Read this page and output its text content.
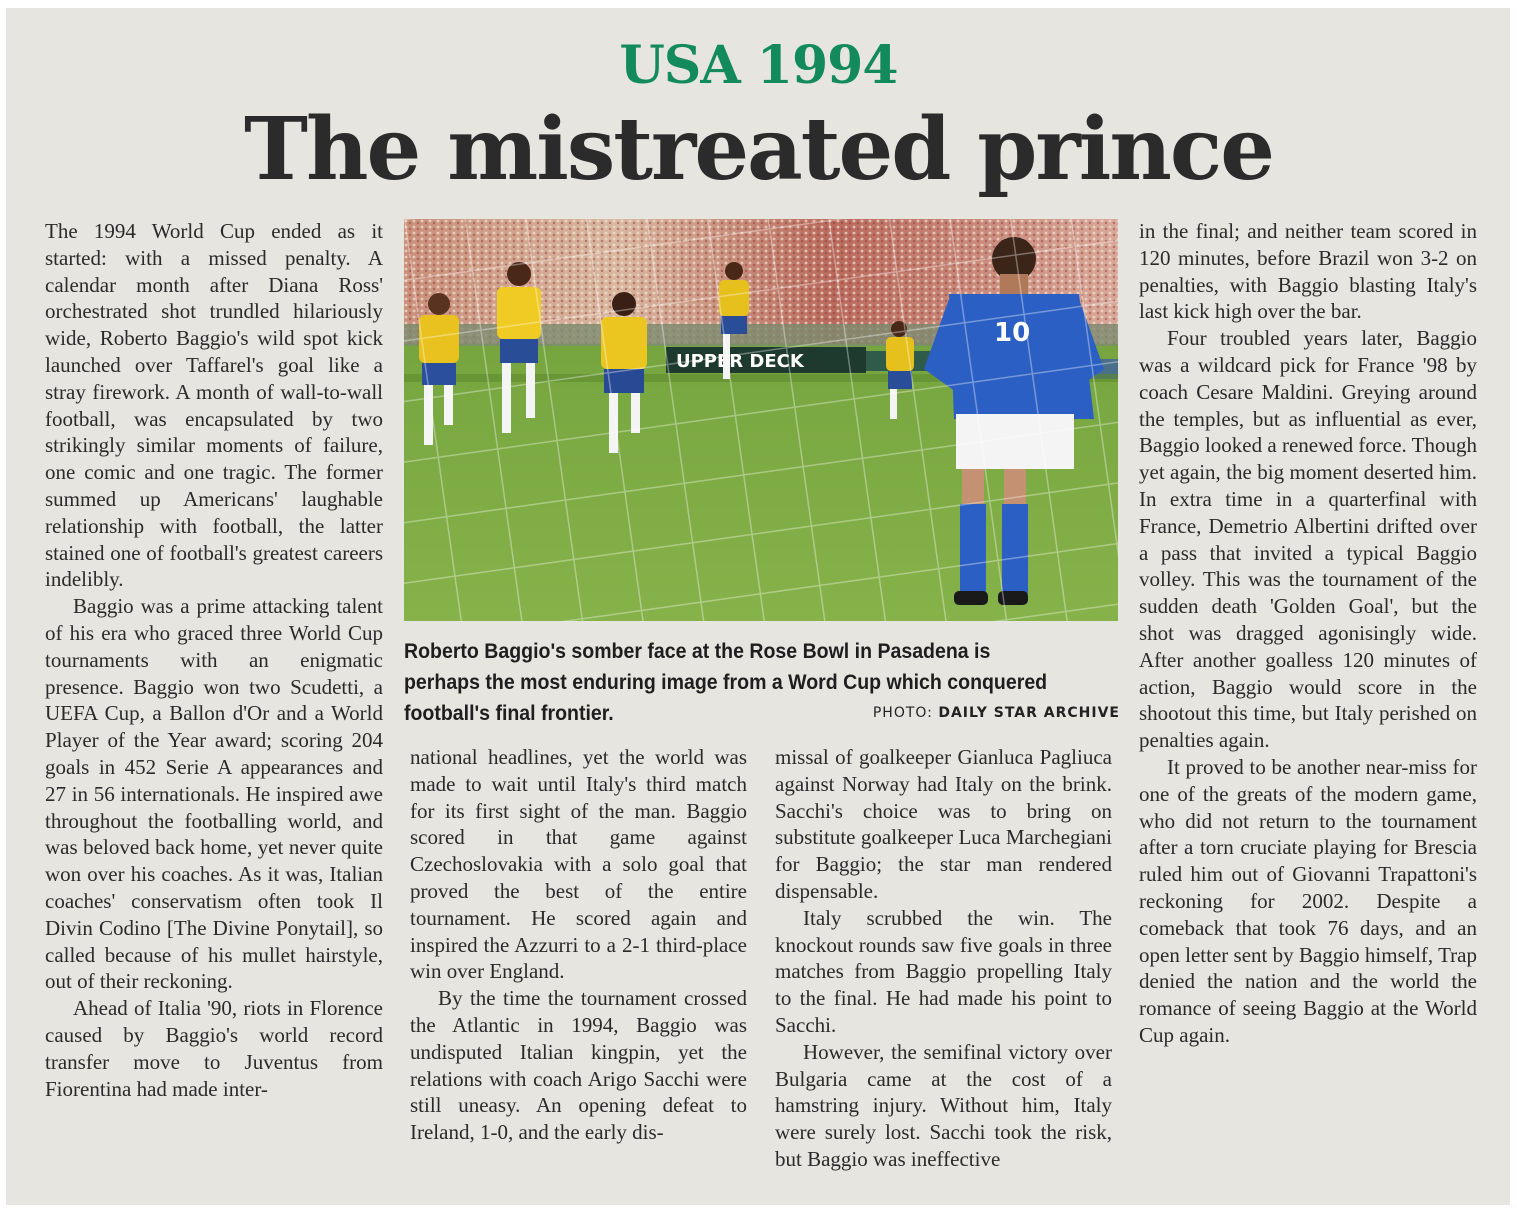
USA 1994
The mistreated prince

The 1994 World Cup ended as it started: with a missed penalty. A calendar month after Diana Ross' orchestrated shot trundled hilariously wide, Roberto Baggio's wild spot kick launched over Taffarel's goal like a stray firework. A month of wall-to-wall football, was encapsulated by two strikingly similar moments of failure, one comic and one tragic. The former summed up Americans' laughable relationship with football, the latter stained one of football's greatest careers indelibly.

Baggio was a prime attacking talent of his era who graced three World Cup tournaments with an enigmatic presence. Baggio won two Scudetti, a UEFA Cup, a Ballon d'Or and a World Player of the Year award; scoring 204 goals in 452 Serie A appearances and 27 in 56 internationals. He inspired awe throughout the footballing world, and was beloved back home, yet never quite won over his coaches. As it was, Italian coaches' conservatism often took Il Divin Codino [The Divine Ponytail], so called because of his mullet hairstyle, out of their reckoning.

Ahead of Italia '90, riots in Florence caused by Baggio's world record transfer move to Juventus from Fiorentina had made inter-

Roberto Baggio's somber face at the Rose Bowl in Pasadena is perhaps the most enduring image from a Word Cup which conquered football's final frontier.	PHOTO: DAILY STAR ARCHIVE

national headlines, yet the world was made to wait until Italy's third match for its first sight of the man. Baggio scored in that game against Czechoslovakia with a solo goal that proved the best of the entire tournament. He scored again and inspired the Azzurri to a 2-1 third-place win over England.

By the time the tournament crossed the Atlantic in 1994, Baggio was undisputed Italian kingpin, yet the relations with coach Arigo Sacchi were still uneasy. An opening defeat to Ireland, 1-0, and the early dis-

missal of goalkeeper Gianluca Pagliuca against Norway had Italy on the brink. Sacchi's choice was to bring on substitute goalkeeper Luca Marchegiani for Baggio; the star man rendered dispensable.

Italy scrubbed the win. The knockout rounds saw five goals in three matches from Baggio propelling Italy to the final. He had made his point to Sacchi.

However, the semifinal victory over Bulgaria came at the cost of a hamstring injury. Without him, Italy were surely lost. Sacchi took the risk, but Baggio was ineffective

in the final; and neither team scored in 120 minutes, before Brazil won 3-2 on penalties, with Baggio blasting Italy's last kick high over the bar.

Four troubled years later, Baggio was a wildcard pick for France '98 by coach Cesare Maldini. Greying around the temples, but as influential as ever, Baggio looked a renewed force. Though yet again, the big moment deserted him. In extra time in a quarterfinal with France, Demetrio Albertini drifted over a pass that invited a typical Baggio volley. This was the tournament of the sudden death 'Golden Goal', but the shot was dragged agonisingly wide. After another goalless 120 minutes of action, Baggio would score in the shootout this time, but Italy perished on penalties again.

It proved to be another near-miss for one of the greats of the modern game, who did not return to the tournament after a torn cruciate playing for Brescia ruled him out of Giovanni Trapattoni's reckoning for 2002. Despite a comeback that took 76 days, and an open letter sent by Baggio himself, Trap denied the nation and the world the romance of seeing Baggio at the World Cup again.
